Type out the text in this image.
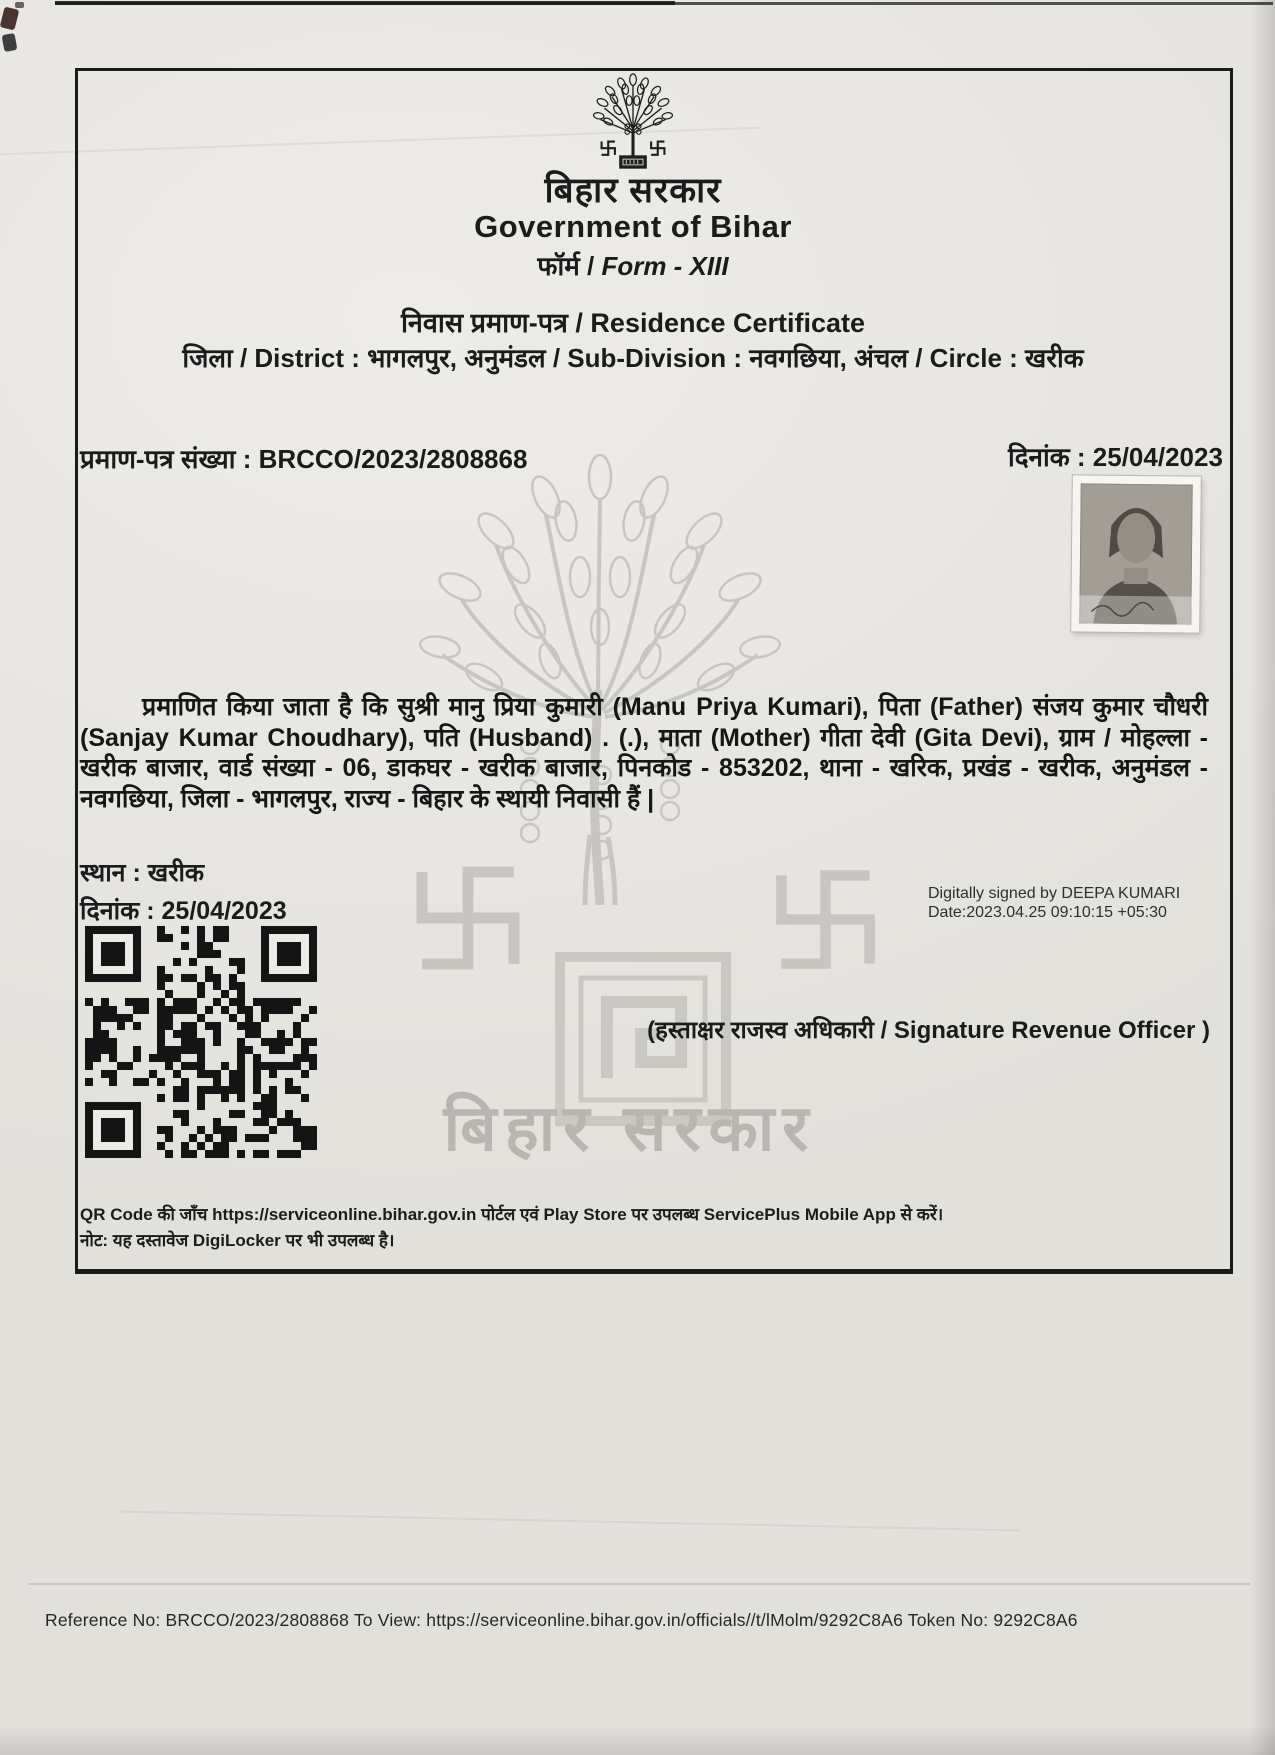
बिहार सरकार
बिहार सरकार
Government of Bihar
फॉर्म / Form - XIII
निवास प्रमाण-पत्र / Residence Certificate
जिला / District : भागलपुर, अनुमंडल / Sub-Division : नवगछिया, अंचल / Circle : खरीक
प्रमाण-पत्र संख्या : BRCCO/2023/2808868	दिनांक : 25/04/2023
प्रमाणित किया जाता है कि सुश्री मानु प्रिया कुमारी (Manu Priya Kumari), पिता (Father) संजय कुमार चौधरी (Sanjay Kumar Choudhary), पति (Husband) . (.), माता (Mother) गीता देवी (Gita Devi), ग्राम / मोहल्ला - खरीक बाजार, वार्ड संख्या - 06, डाकघर - खरीक बाजार, पिनकोड - 853202, थाना - खरिक, प्रखंड - खरीक, अनुमंडल - नवगछिया, जिला - भागलपुर, राज्य - बिहार के स्थायी निवासी हैं |
स्थान : खरीक
दिनांक : 25/04/2023
Digitally signed by DEEPA KUMARI
Date:2023.04.25 09:10:15 +05:30
(हस्ताक्षर राजस्व अधिकारी / Signature Revenue Officer )
QR Code की जाँच https://serviceonline.bihar.gov.in पोर्टल एवं Play Store पर उपलब्ध ServicePlus Mobile App से करें।
नोट: यह दस्तावेज DigiLocker पर भी उपलब्ध है।
Reference No: BRCCO/2023/2808868 To View: https://serviceonline.bihar.gov.in/officials//t/lMolm/9292C8A6 Token No: 9292C8A6
